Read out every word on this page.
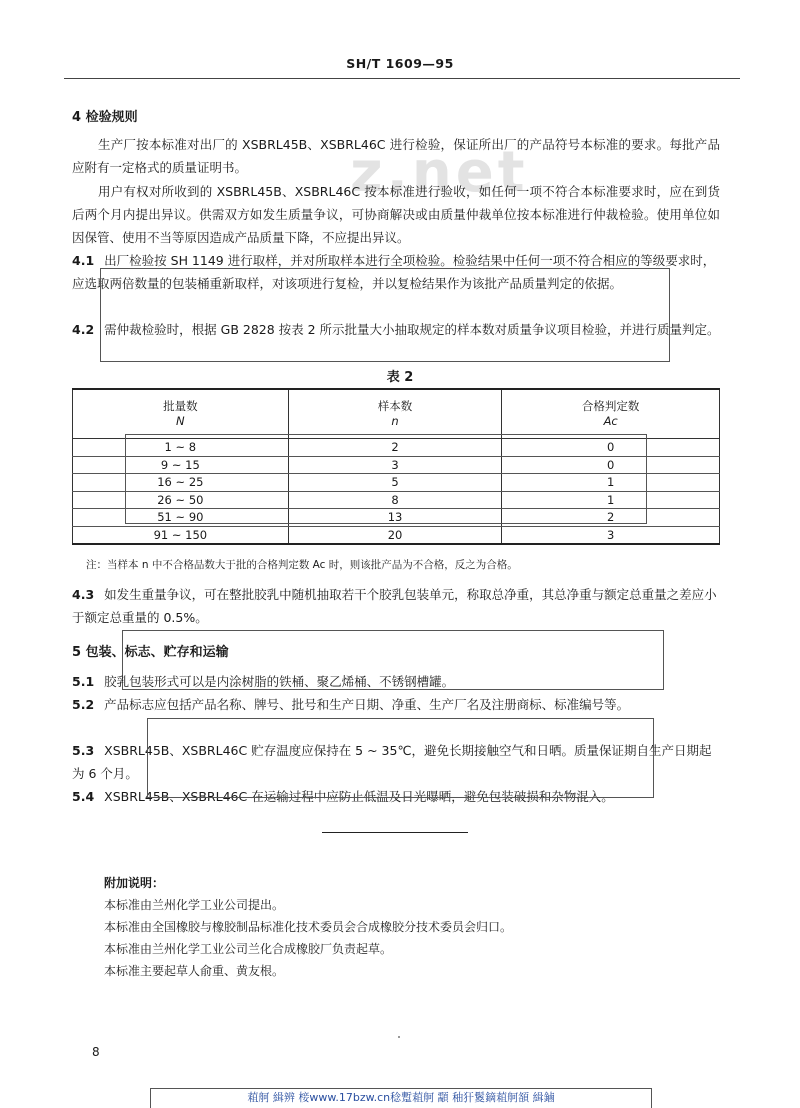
z.net
SH/T 1609—95
4 检验规则
生产厂按本标准对出厂的 XSBRL45B、XSBRL46C 进行检验，保证所出厂的产品符号本标准的要求。每批产品应附有一定格式的质量证明书。
用户有权对所收到的 XSBRL45B、XSBRL46C 按本标准进行验收，如任何一项不符合本标准要求时，应在到货后两个月内提出异议。供需双方如发生质量争议，可协商解决或由质量仲裁单位按本标准进行仲裁检验。使用单位如因保管、使用不当等原因造成产品质量下降，不应提出异议。
4.1 出厂检验按 SH 1149 进行取样，并对所取样本进行全项检验。检验结果中任何一项不符合相应的等级要求时，应选取两倍数量的包装桶重新取样，对该项进行复检，并以复检结果作为该批产品质量判定的依据。
4.2 需仲裁检验时，根据 GB 2828 按表 2 所示批量大小抽取规定的样本数对质量争议项目检验，并进行质量判定。
表 2
批量数	样本数	合格判定数
N	n	Ac
1 ~ 8	2	0
9 ~ 15	3	0
16 ~ 25	5	1
26 ~ 50	8	1
51 ~ 90	13	2
91 ~ 150	20	3
注：当样本 n 中不合格品数大于批的合格判定数 Ac 时，则该批产品为不合格，反之为合格。
4.3 如发生重量争议，可在整批胶乳中随机抽取若干个胶乳包装单元，称取总净重，其总净重与额定总重量之差应小于额定总重量的 0.5%。
5 包装、标志、贮存和运输
5.1 胶乳包装形式可以是内涂树脂的铁桶、聚乙烯桶、不锈钢槽罐。
5.2 产品标志应包括产品名称、牌号、批号和生产日期、净重、生产厂名及注册商标、标准编号等。
5.3 XSBRL45B、XSBRL46C 贮存温度应保持在 5 ~ 35℃，避免长期接触空气和日晒。质量保证期自生产日期起为 6 个月。
5.4 XSBRL45B、XSBRL46C 在运输过程中应防止低温及日光曝晒，避免包装破损和杂物混入。
附加说明：
本标准由兰州化学工业公司提出。
本标准由全国橡胶与橡胶制品标准化技术委员会合成橡胶分技术委员会归口。
本标准由兰州化学工业公司兰化合成橡胶厂负责起草。
本标准主要起草人俞重、黄友根。
8
蒩舸 緝辨 椄www.17bzw.cn稔蹔蒩舸 顬 秞犴鬉鏑蒩舸頟 緝鏀
